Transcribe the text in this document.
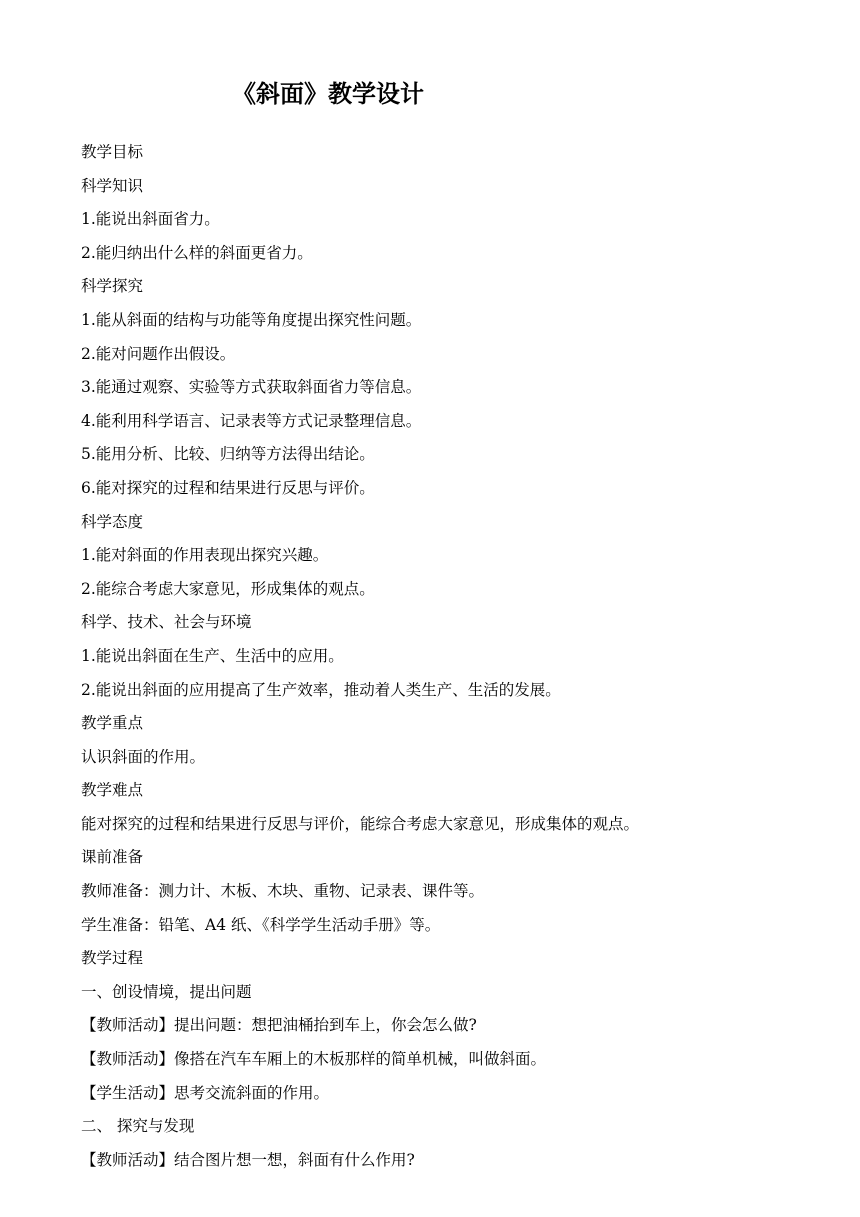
《斜面》教学设计
教学目标
科学知识
1.能说出斜面省力。
2.能归纳出什么样的斜面更省力。
科学探究
1.能从斜面的结构与功能等角度提出探究性问题。
2.能对问题作出假设。
3.能通过观察、实验等方式获取斜面省力等信息。
4.能利用科学语言、记录表等方式记录整理信息。
5.能用分析、比较、归纳等方法得出结论。
6.能对探究的过程和结果进行反思与评价。
科学态度
1.能对斜面的作用表现出探究兴趣。
2.能综合考虑大家意见，形成集体的观点。
科学、技术、社会与环境
1.能说出斜面在生产、生活中的应用。
2.能说出斜面的应用提高了生产效率，推动着人类生产、生活的发展。
教学重点
认识斜面的作用。
教学难点
能对探究的过程和结果进行反思与评价，能综合考虑大家意见，形成集体的观点。
课前准备
教师准备：测力计、木板、木块、重物、记录表、课件等。
学生准备：铅笔、A4 纸、《科学学生活动手册》等。
教学过程
一、创设情境，提出问题
【教师活动】提出问题：想把油桶抬到车上，你会怎么做?
【教师活动】像搭在汽车车厢上的木板那样的简单机械，叫做斜面。
【学生活动】思考交流斜面的作用。
二、 探究与发现
【教师活动】结合图片想一想，斜面有什么作用?
